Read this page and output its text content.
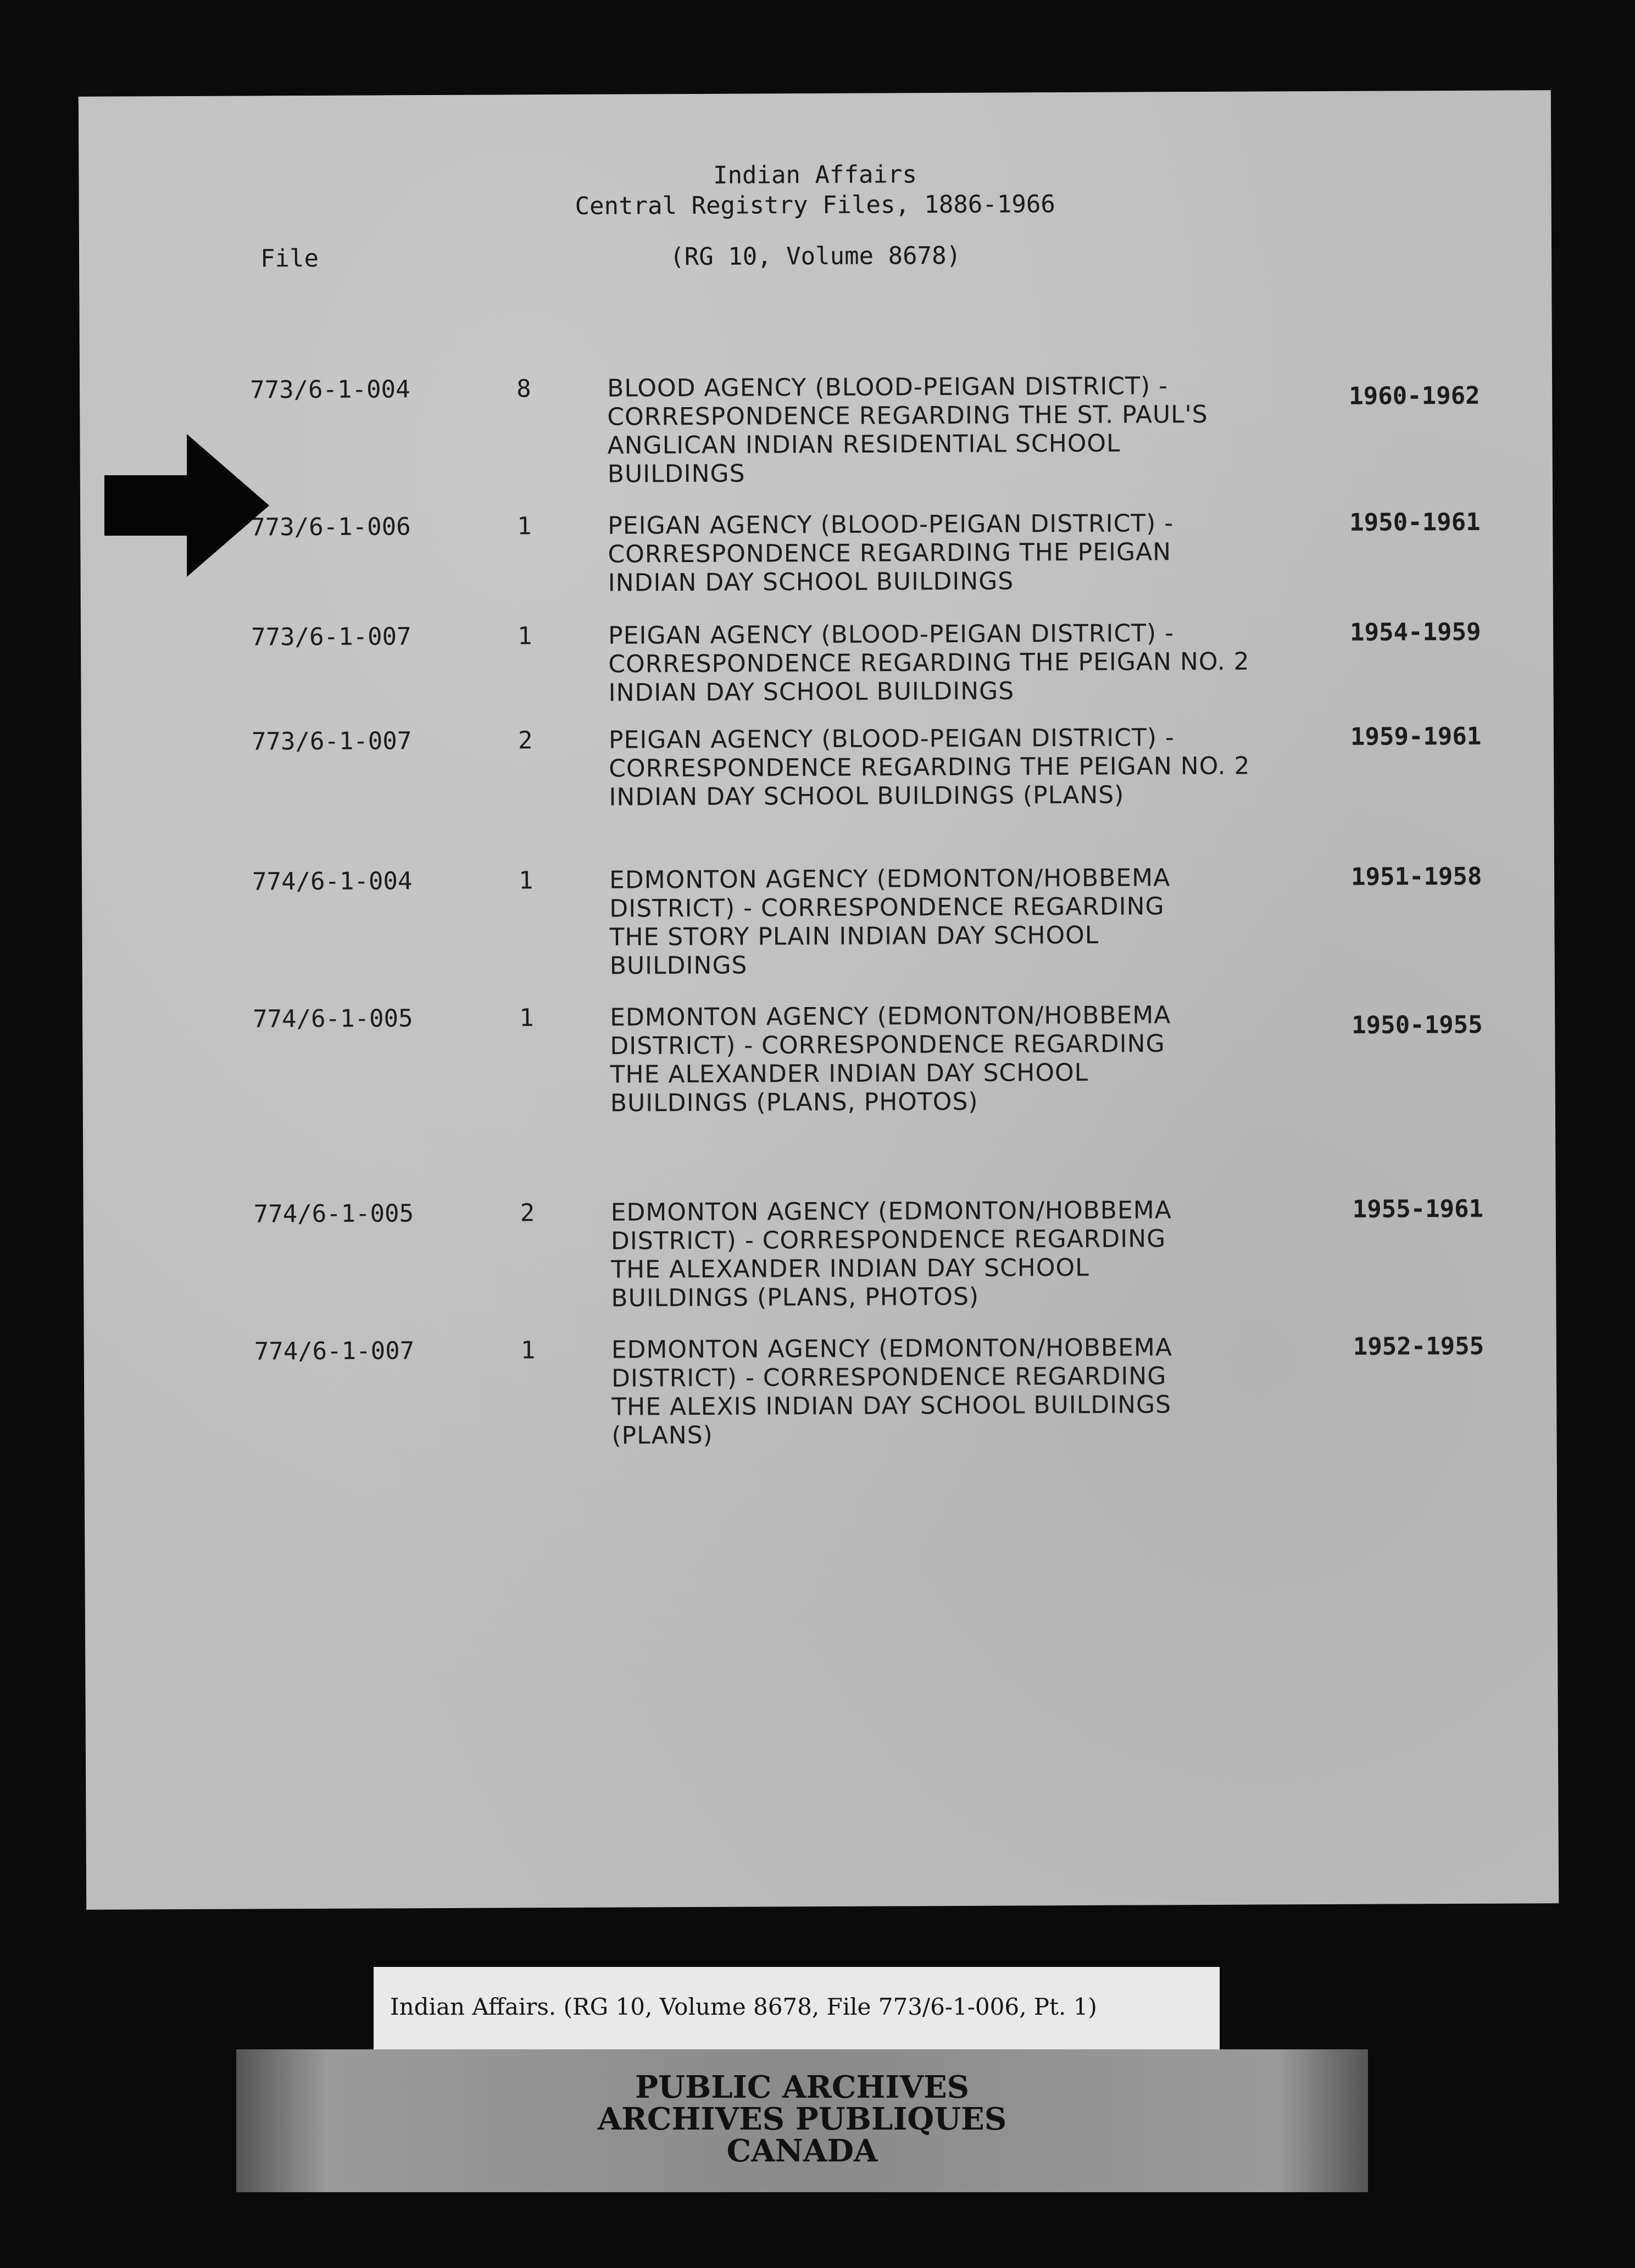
Indian Affairs
Central Registry Files, 1886-1966
(RG 10, Volume 8678)
File
773/6-1-004	8	BLOOD AGENCY (BLOOD-PEIGAN DISTRICT) -
CORRESPONDENCE REGARDING THE ST. PAUL'S
ANGLICAN INDIAN RESIDENTIAL SCHOOL
BUILDINGS
1960-1962
773/6-1-006	1	PEIGAN AGENCY (BLOOD-PEIGAN DISTRICT) -
CORRESPONDENCE REGARDING THE PEIGAN
INDIAN DAY SCHOOL BUILDINGS
1950-1961
773/6-1-007	1	PEIGAN AGENCY (BLOOD-PEIGAN DISTRICT) -
CORRESPONDENCE REGARDING THE PEIGAN NO. 2
INDIAN DAY SCHOOL BUILDINGS
1954-1959
773/6-1-007	2	PEIGAN AGENCY (BLOOD-PEIGAN DISTRICT) -
CORRESPONDENCE REGARDING THE PEIGAN NO. 2
INDIAN DAY SCHOOL BUILDINGS (PLANS)
1959-1961
774/6-1-004	1	EDMONTON AGENCY (EDMONTON/HOBBEMA
DISTRICT) - CORRESPONDENCE REGARDING
THE STORY PLAIN INDIAN DAY SCHOOL
BUILDINGS
1951-1958
774/6-1-005	1	EDMONTON AGENCY (EDMONTON/HOBBEMA
DISTRICT) - CORRESPONDENCE REGARDING
THE ALEXANDER INDIAN DAY SCHOOL
BUILDINGS (PLANS, PHOTOS)
1950-1955
774/6-1-005	2	EDMONTON AGENCY (EDMONTON/HOBBEMA
DISTRICT) - CORRESPONDENCE REGARDING
THE ALEXANDER INDIAN DAY SCHOOL
BUILDINGS (PLANS, PHOTOS)
1955-1961
774/6-1-007	1	EDMONTON AGENCY (EDMONTON/HOBBEMA
DISTRICT) - CORRESPONDENCE REGARDING
THE ALEXIS INDIAN DAY SCHOOL BUILDINGS
(PLANS)
1952-1955
Indian Affairs. (RG 10, Volume 8678, File 773/6-1-006, Pt. 1)
PUBLIC ARCHIVES
ARCHIVES PUBLIQUES
CANADA
